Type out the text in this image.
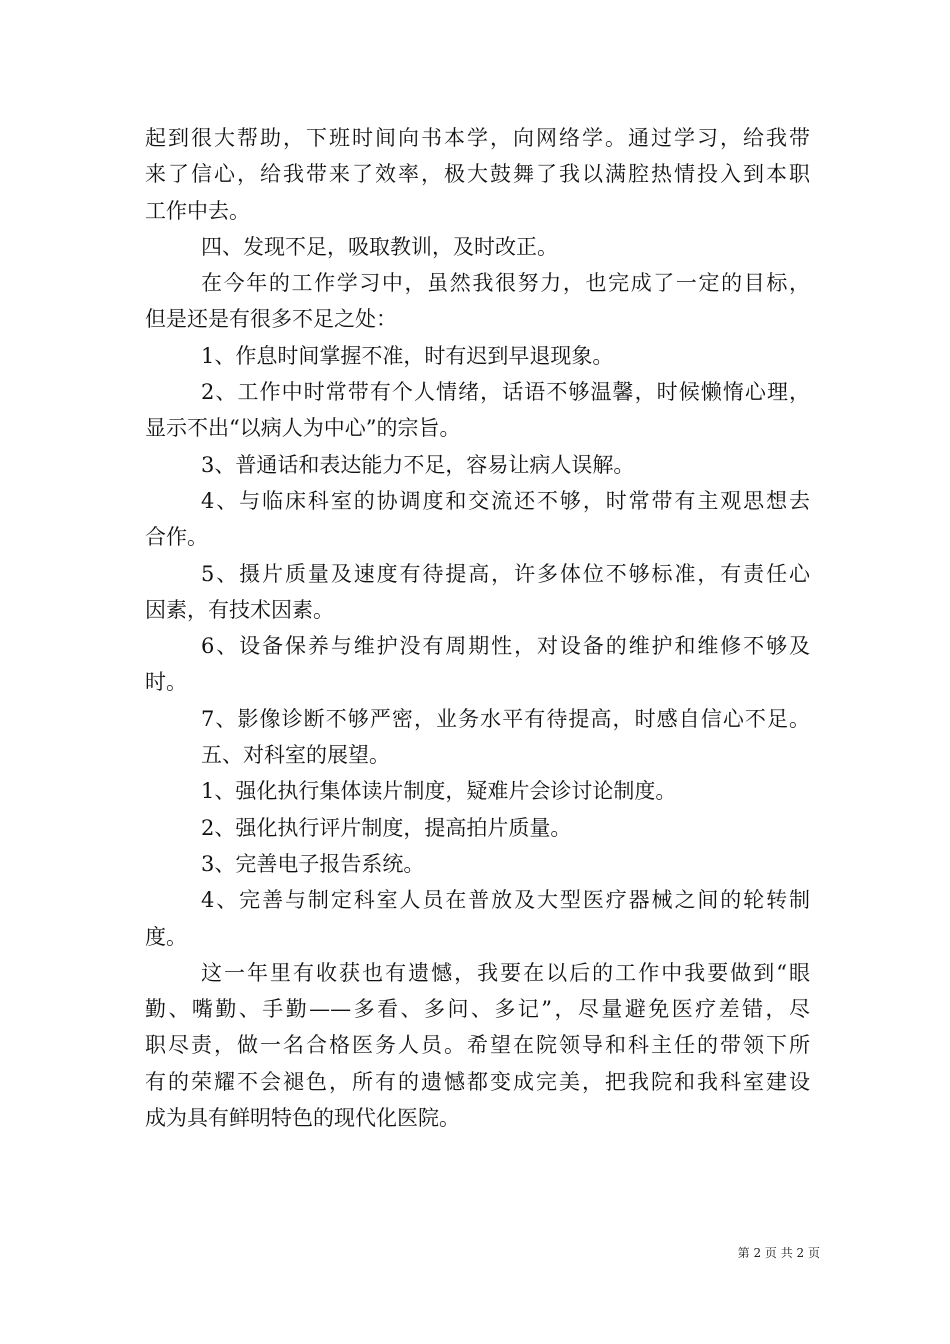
起到很大帮助，下班时间向书本学，向网络学。通过学习，给我带
来了信心，给我带来了效率，极大鼓舞了我以满腔热情投入到本职
工作中去。
四、发现不足，吸取教训，及时改正。
在今年的工作学习中，虽然我很努力，也完成了一定的目标，
但是还是有很多不足之处：
1、作息时间掌握不准，时有迟到早退现象。
2、工作中时常带有个人情绪，话语不够温馨，时候懒惰心理，
显示不出“以病人为中心”的宗旨。
3、普通话和表达能力不足，容易让病人误解。
4、与临床科室的协调度和交流还不够，时常带有主观思想去
合作。
5、摄片质量及速度有待提高，许多体位不够标准，有责任心
因素，有技术因素。
6、设备保养与维护没有周期性，对设备的维护和维修不够及
时。
7、影像诊断不够严密，业务水平有待提高，时感自信心不足。
五、对科室的展望。
1、强化执行集体读片制度，疑难片会诊讨论制度。
2、强化执行评片制度，提高拍片质量。
3、完善电子报告系统。
4、完善与制定科室人员在普放及大型医疗器械之间的轮转制
度。
这一年里有收获也有遗憾，我要在以后的工作中我要做到“眼
勤、嘴勤、手勤——多看、多问、多记”，尽量避免医疗差错，尽
职尽责，做一名合格医务人员。希望在院领导和科主任的带领下所
有的荣耀不会褪色，所有的遗憾都变成完美，把我院和我科室建设
成为具有鲜明特色的现代化医院。
第 2 页 共 2 页
